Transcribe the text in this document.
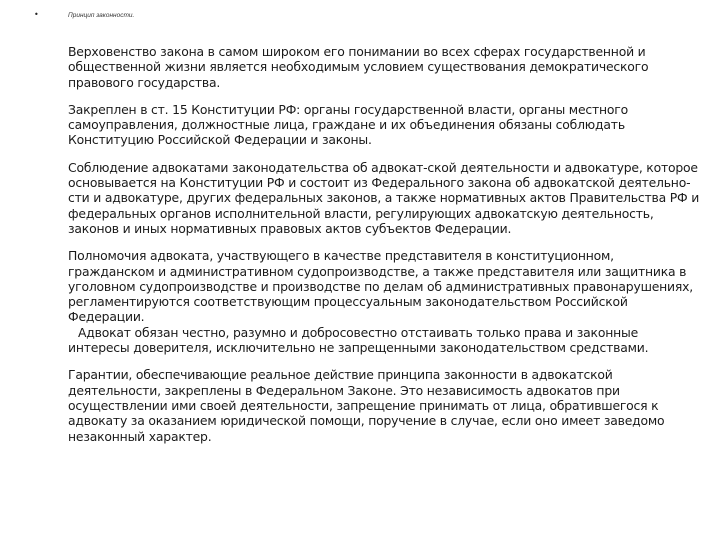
•	Принцип законности.

Верховенство закона в самом широком его понимании во всех сферах государственной и общественной жизни является необходимым условием существования демократического правового государства.

Закреплен в ст. 15 Конституции РФ: органы государственной власти, органы местного самоуправления, должностные лица, граждане и их объединения обязаны соблюдать Конституцию Российской Федерации и законы.

Соблюдение адвокатами законодательства об адвокат-ской деятельности и адвокатуре, которое основывается на Конституции РФ и состоит из Федерального закона об адвокатской деятельно-сти и адвокатуре, других федеральных законов, а также нормативных актов Правительства РФ и федеральных органов исполнительной власти, регулирующих адвокатскую деятельность, законов и иных нормативных правовых актов субъектов Федерации.

Полномочия адвоката, участвующего в качестве представителя в конституционном, гражданском и административном судопроизводстве, а также представителя или защитника в уголовном судопроизводстве и производстве по делам об административных правонарушениях, регламентируются соответствующим процессуальным законодательством Российской Федерации.

Адвокат обязан честно, разумно и добросовестно отстаивать только права и законные интересы доверителя, исключительно не запрещенными законодательством средствами.

Гарантии, обеспечивающие реальное действие принципа законности в адвокатской деятельности, закреплены в Федеральном Законе. Это независимость адвокатов при осуществлении ими своей деятельности, запрещение принимать от лица, обратившегося к адвокату за оказанием юридической помощи, поручение в случае, если оно имеет заведомо незаконный характер.
